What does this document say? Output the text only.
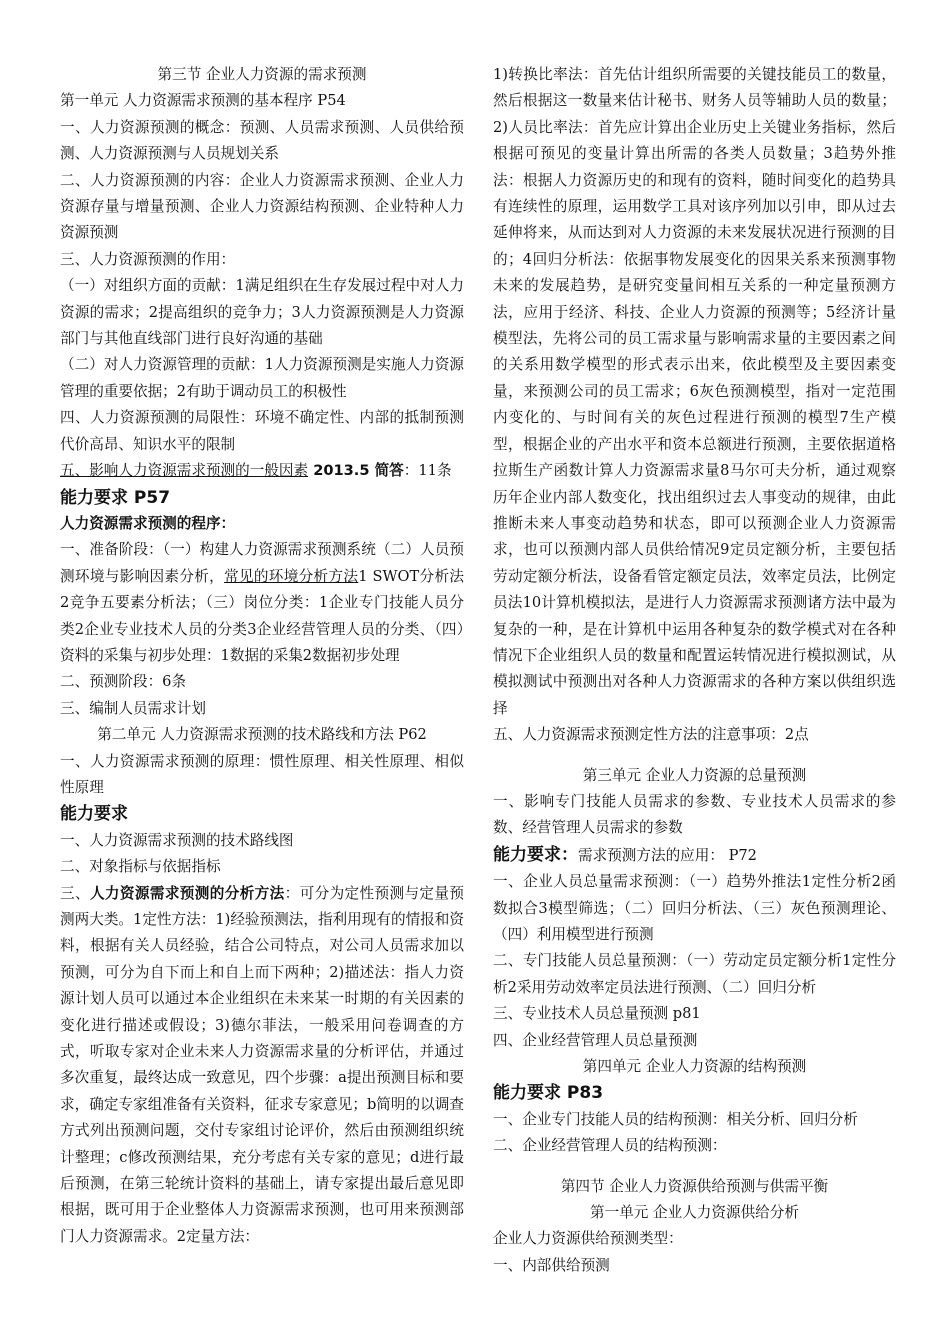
第三节 企业人力资源的需求预测

第一单元 人力资源需求预测的基本程序 P54

一、人力资源预测的概念：预测、人员需求预测、人员供给预测、人力资源预测与人员规划关系

二、人力资源预测的内容：企业人力资源需求预测、企业人力资源存量与增量预测、企业人力资源结构预测、企业特种人力资源预测

三、人力资源预测的作用：

（一）对组织方面的贡献：1满足组织在生存发展过程中对人力资源的需求；2提高组织的竞争力；3人力资源预测是人力资源部门与其他直线部门进行良好沟通的基础

（二）对人力资源管理的贡献：1人力资源预测是实施人力资源管理的重要依据；2有助于调动员工的积极性

四、人力资源预测的局限性：环境不确定性、内部的抵制预测代价高昂、知识水平的限制

五、影响人力资源需求预测的一般因素 2013.5 简答：11条

能力要求 P57

人力资源需求预测的程序：

一、准备阶段：（一）构建人力资源需求预测系统（二）人员预测环境与影响因素分析，常见的环境分析方法1 SWOT分析法2竞争五要素分析法；（三）岗位分类：1企业专门技能人员分类2企业专业技术人员的分类3企业经营管理人员的分类、（四）资料的采集与初步处理：1数据的采集2数据初步处理

二、预测阶段：6条

三、编制人员需求计划

第二单元 人力资源需求预测的技术路线和方法 P62

一、人力资源需求预测的原理：惯性原理、相关性原理、相似性原理

能力要求

一、人力资源需求预测的技术路线图

二、对象指标与依据指标

三、人力资源需求预测的分析方法：可分为定性预测与定量预测两大类。1定性方法：1)经验预测法，指利用现有的情报和资料，根据有关人员经验，结合公司特点，对公司人员需求加以预测，可分为自下而上和自上而下两种；2)描述法：指人力资源计划人员可以通过本企业组织在未来某一时期的有关因素的变化进行描述或假设；3)德尔菲法，一般采用问卷调查的方式，听取专家对企业未来人力资源需求量的分析评估，并通过多次重复，最终达成一致意见，四个步骤：a提出预测目标和要求，确定专家组准备有关资料，征求专家意见；b简明的以调查方式列出预测问题，交付专家组讨论评价，然后由预测组织统计整理；c修改预测结果，充分考虑有关专家的意见；d进行最后预测，在第三轮统计资料的基础上，请专家提出最后意见即根据，既可用于企业整体人力资源需求预测，也可用来预测部门人力资源需求。2定量方法：

1)转换比率法：首先估计组织所需要的关键技能员工的数量，然后根据这一数量来估计秘书、财务人员等辅助人员的数量；2)人员比率法：首先应计算出企业历史上关键业务指标，然后根据可预见的变量计算出所需的各类人员数量；3趋势外推法：根据人力资源历史的和现有的资料，随时间变化的趋势具有连续性的原理，运用数学工具对该序列加以引申，即从过去延伸将来，从而达到对人力资源的未来发展状况进行预测的目的；4回归分析法：依据事物发展变化的因果关系来预测事物未来的发展趋势，是研究变量间相互关系的一种定量预测方法，应用于经济、科技、企业人力资源的预测等；5经济计量模型法，先将公司的员工需求量与影响需求量的主要因素之间的关系用数学模型的形式表示出来，依此模型及主要因素变量，来预测公司的员工需求；6灰色预测模型，指对一定范围内变化的、与时间有关的灰色过程进行预测的模型7生产模型，根据企业的产出水平和资本总额进行预测，主要依据道格拉斯生产函数计算人力资源需求量8马尔可夫分析，通过观察历年企业内部人数变化，找出组织过去人事变动的规律，由此推断未来人事变动趋势和状态，即可以预测企业人力资源需求，也可以预测内部人员供给情况9定员定额分析，主要包括劳动定额分析法，设备看管定额定员法，效率定员法，比例定员法10计算机模拟法，是进行人力资源需求预测诸方法中最为复杂的一种，是在计算机中运用各种复杂的数学模式对在各种情况下企业组织人员的数量和配置运转情况进行模拟测试，从模拟测试中预测出对各种人力资源需求的各种方案以供组织选择

五、人力资源需求预测定性方法的注意事项：2点

第三单元 企业人力资源的总量预测

一、影响专门技能人员需求的参数、专业技术人员需求的参数、经营管理人员需求的参数

能力要求：需求预测方法的应用： P72

一、企业人员总量需求预测：（一）趋势外推法1定性分析2函数拟合3模型筛选；（二）回归分析法、（三）灰色预测理论、（四）利用模型进行预测

二、专门技能人员总量预测：（一）劳动定员定额分析1定性分析2采用劳动效率定员法进行预测、（二）回归分析

三、专业技术人员总量预测 p81

四、企业经营管理人员总量预测

第四单元 企业人力资源的结构预测

能力要求 P83

一、企业专门技能人员的结构预测：相关分析、回归分析

二、企业经营管理人员的结构预测：

第四节 企业人力资源供给预测与供需平衡

第一单元 企业人力资源供给分析

企业人力资源供给预测类型：

一、内部供给预测
